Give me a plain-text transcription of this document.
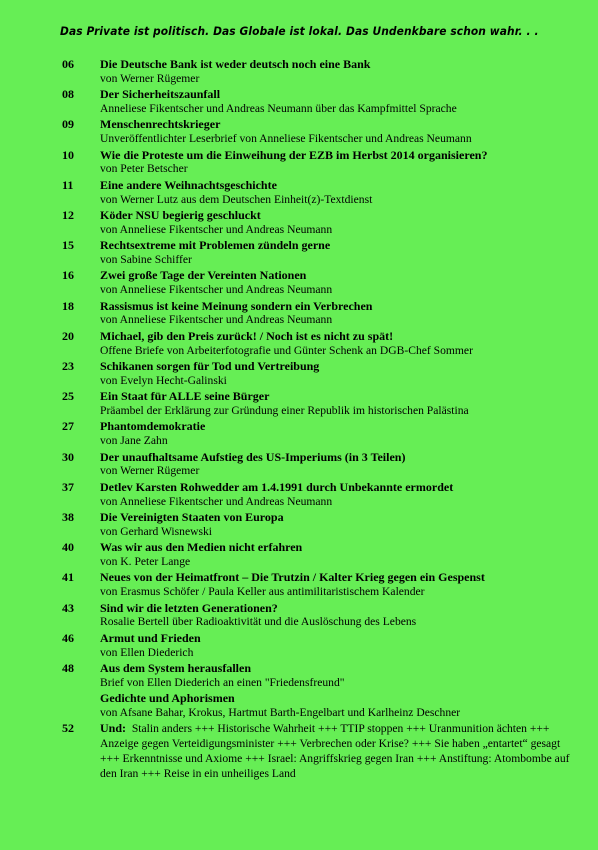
Das Private ist politisch. Das Globale ist lokal. Das Undenkbare schon wahr. . .
06	Die Deutsche Bank ist weder deutsch noch eine Bank
von Werner Rügemer
08	Der Sicherheitszaunfall
Anneliese Fikentscher und Andreas Neumann über das Kampfmittel Sprache
09	Menschenrechtskrieger
Unveröffentlichter Leserbrief von Anneliese Fikentscher und Andreas Neumann
10	Wie die Proteste um die Einweihung der EZB im Herbst 2014 organisieren?
von Peter Betscher
11	Eine andere Weihnachtsgeschichte
von Werner Lutz aus dem Deutschen Einheit(z)-Textdienst
12	Köder NSU begierig geschluckt
von Anneliese Fikentscher und Andreas Neumann
15	Rechtsextreme mit Problemen zündeln gerne
von Sabine Schiffer
16	Zwei große Tage der Vereinten Nationen
von Anneliese Fikentscher und Andreas Neumann
18	Rassismus ist keine Meinung sondern ein Verbrechen
von Anneliese Fikentscher und Andreas Neumann
20	Michael, gib den Preis zurück! / Noch ist es nicht zu spät!
Offene Briefe von Arbeiterfotografie und Günter Schenk an DGB-Chef Sommer
23	Schikanen sorgen für Tod und Vertreibung
von Evelyn Hecht-Galinski
25	Ein Staat für ALLE seine Bürger
Präambel der Erklärung zur Gründung einer Republik im historischen Palästina
27	Phantomdemokratie
von Jane Zahn
30	Der unaufhaltsame Aufstieg des US-Imperiums (in 3 Teilen)
von Werner Rügemer
37	Detlev Karsten Rohwedder am 1.4.1991 durch Unbekannte ermordet
von Anneliese Fikentscher und Andreas Neumann
38	Die Vereinigten Staaten von Europa
von Gerhard Wisnewski
40	Was wir aus den Medien nicht erfahren
von K. Peter Lange
41	Neues von der Heimatfront – Die Trutzin / Kalter Krieg gegen ein Gespenst
von Erasmus Schöfer / Paula Keller aus antimilitaristischem Kalender
43	Sind wir die letzten Generationen?
Rosalie Bertell über Radioaktivität und die Auslöschung des Lebens
46	Armut und Frieden
von Ellen Diederich
48	Aus dem System herausfallen
Brief von Ellen Diederich an einen "Friedensfreund"
Gedichte und Aphorismen
von Afsane Bahar, Krokus, Hartmut Barth-Engelbart und Karlheinz Deschner
52	Und: Stalin anders +++ Historische Wahrheit +++ TTIP stoppen +++ Uranmunition ächten +++ Anzeige gegen Verteidigungsminister +++ Verbrechen oder Krise? +++ Sie haben „entartet“ gesagt +++ Erkenntnisse und Axiome +++ Israel: Angriffskrieg gegen Iran +++ Anstiftung: Atombombe auf den Iran +++ Reise in ein unheiliges Land
